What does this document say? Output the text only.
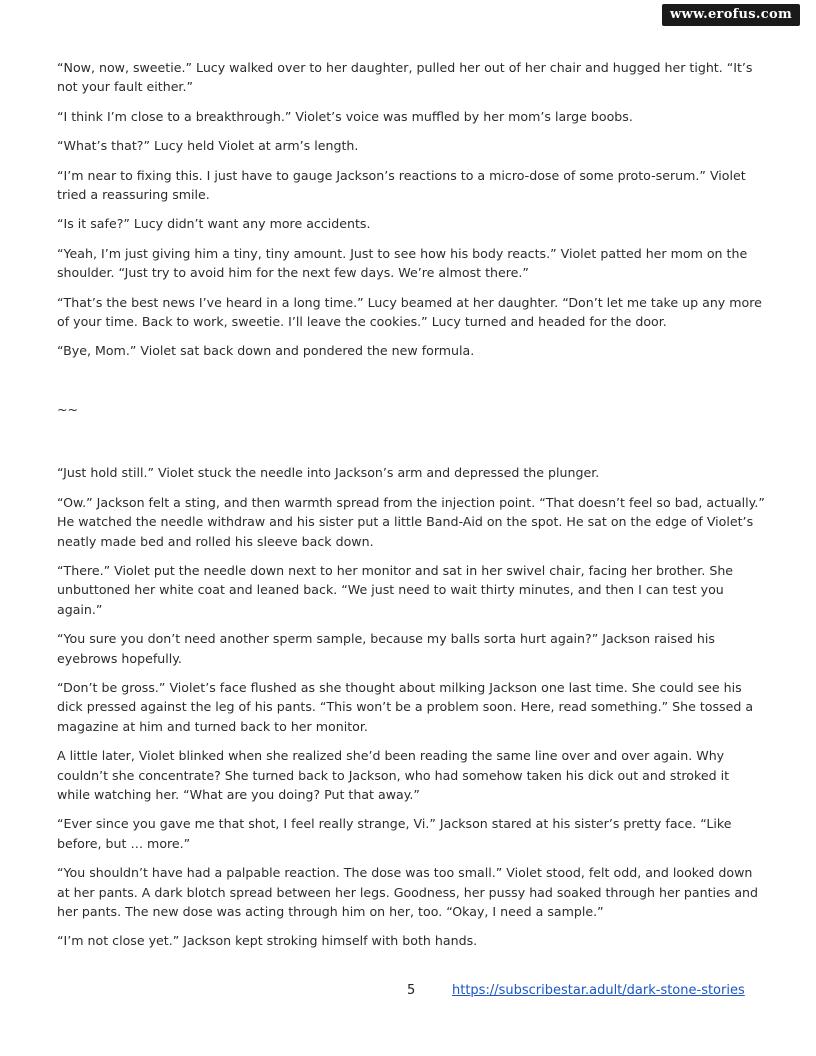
www.erofus.com

“Now, now, sweetie.” Lucy walked over to her daughter, pulled her out of her chair and hugged her tight. “It’s not your fault either.”

“I think I’m close to a breakthrough.” Violet’s voice was muffled by her mom’s large boobs.

“What’s that?” Lucy held Violet at arm’s length.

“I’m near to fixing this. I just have to gauge Jackson’s reactions to a micro-dose of some proto-serum.” Violet tried a reassuring smile.

“Is it safe?” Lucy didn’t want any more accidents.

“Yeah, I’m just giving him a tiny, tiny amount. Just to see how his body reacts.” Violet patted her mom on the shoulder. “Just try to avoid him for the next few days. We’re almost there.”

“That’s the best news I’ve heard in a long time.” Lucy beamed at her daughter. “Don’t let me take up any more of your time. Back to work, sweetie. I’ll leave the cookies.” Lucy turned and headed for the door.

“Bye, Mom.” Violet sat back down and pondered the new formula.

~~

“Just hold still.” Violet stuck the needle into Jackson’s arm and depressed the plunger.

“Ow.” Jackson felt a sting, and then warmth spread from the injection point. “That doesn’t feel so bad, actually.” He watched the needle withdraw and his sister put a little Band-Aid on the spot. He sat on the edge of Violet’s neatly made bed and rolled his sleeve back down.

“There.” Violet put the needle down next to her monitor and sat in her swivel chair, facing her brother. She unbuttoned her white coat and leaned back. “We just need to wait thirty minutes, and then I can test you again.”

“You sure you don’t need another sperm sample, because my balls sorta hurt again?” Jackson raised his eyebrows hopefully.

“Don’t be gross.” Violet’s face flushed as she thought about milking Jackson one last time. She could see his dick pressed against the leg of his pants. “This won’t be a problem soon. Here, read something.” She tossed a magazine at him and turned back to her monitor.

A little later, Violet blinked when she realized she’d been reading the same line over and over again. Why couldn’t she concentrate? She turned back to Jackson, who had somehow taken his dick out and stroked it while watching her. “What are you doing? Put that away.”

“Ever since you gave me that shot, I feel really strange, Vi.” Jackson stared at his sister’s pretty face. “Like before, but … more.”

“You shouldn’t have had a palpable reaction. The dose was too small.” Violet stood, felt odd, and looked down at her pants. A dark blotch spread between her legs. Goodness, her pussy had soaked through her panties and her pants. The new dose was acting through him on her, too. “Okay, I need a sample.”

“I’m not close yet.” Jackson kept stroking himself with both hands.

5	https://subscribestar.adult/dark-stone-stories
